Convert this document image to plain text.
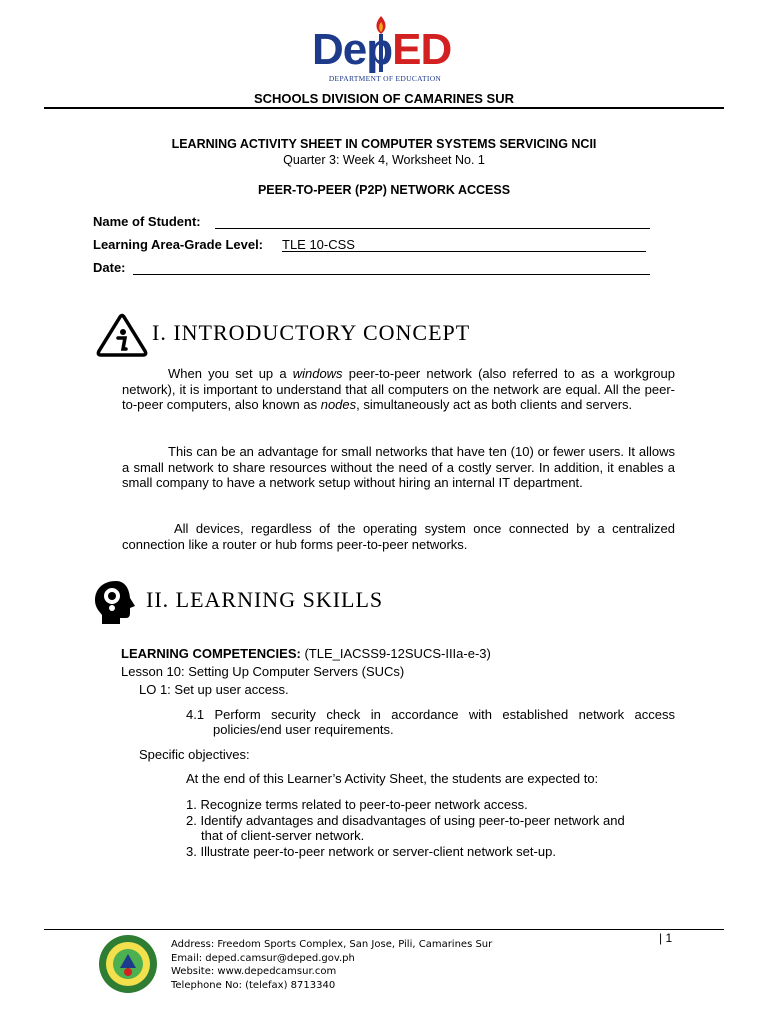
DepED
DEPARTMENT OF EDUCATION
SCHOOLS DIVISION OF CAMARINES SUR
LEARNING ACTIVITY SHEET IN COMPUTER SYSTEMS SERVICING NCII
Quarter 3: Week 4, Worksheet No. 1
PEER-TO-PEER (P2P) NETWORK ACCESS
Name of Student:
Learning Area-Grade Level: TLE 10-CSS
Date:
I. INTRODUCTORY CONCEPT
When you set up a windows peer-to-peer network (also referred to as a workgroup network), it is important to understand that all computers on the network are equal. All the peer-to-peer computers, also known as nodes, simultaneously act as both clients and servers.
This can be an advantage for small networks that have ten (10) or fewer users. It allows a small network to share resources without the need of a costly server. In addition, it enables a small company to have a network setup without hiring an internal IT department.
All devices, regardless of the operating system once connected by a centralized connection like a router or hub forms peer-to-peer networks.
II. LEARNING SKILLS
LEARNING COMPETENCIES: (TLE_IACSS9-12SUCS-IIIa-e-3)
Lesson 10: Setting Up Computer Servers (SUCs)
LO 1: Set up user access.
4.1 Perform security check in accordance with established network access
policies/end user requirements.
Specific objectives:
At the end of this Learner’s Activity Sheet, the students are expected to:
1. Recognize terms related to peer-to-peer network access.
2. Identify advantages and disadvantages of using peer-to-peer network and
that of client-server network.
3. Illustrate peer-to-peer network or server-client network set-up.
| 1
Address: Freedom Sports Complex, San Jose, Pili, Camarines Sur
Email: deped.camsur@deped.gov.ph
Website: www.depedcamsur.com
Telephone No: (telefax) 8713340
